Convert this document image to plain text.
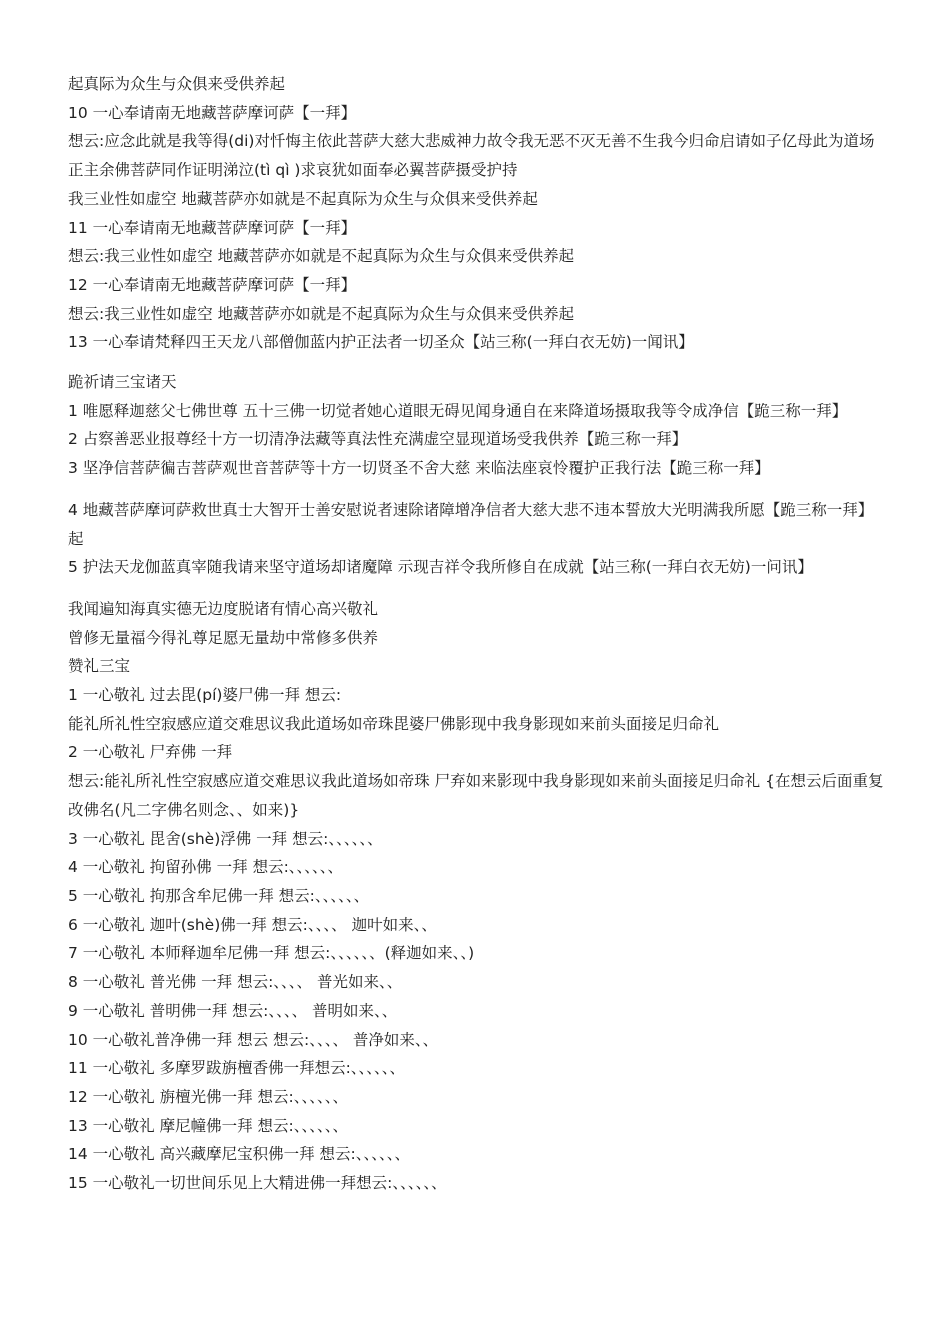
起真际为众生与众俱来受供养起
10 一心奉请南无地藏菩萨摩诃萨【一拜】
想云:应念此就是我等得(di)对忏悔主依此菩萨大慈大悲威神力故令我无恶不灭无善不生我今归命启请如子亿母此为道场正主余佛菩萨同作证明涕泣(tì qì )求哀犹如面奉必翼菩萨摄受护持
我三业性如虚空 地藏菩萨亦如就是不起真际为众生与众俱来受供养起
11 一心奉请南无地藏菩萨摩诃萨【一拜】
想云:我三业性如虚空 地藏菩萨亦如就是不起真际为众生与众俱来受供养起
12 一心奉请南无地藏菩萨摩诃萨【一拜】
想云:我三业性如虚空 地藏菩萨亦如就是不起真际为众生与众俱来受供养起
13 一心奉请梵释四王天龙八部僧伽蓝内护正法者一切圣众【站三称(一拜白衣无妨)一闻讯】
跪祈请三宝诸天
1 唯愿释迦慈父七佛世尊 五十三佛一切觉者她心道眼无碍见闻身通自在来降道场摄取我等令成净信【跪三称一拜】
2 占察善恶业报尊经十方一切清净法藏等真法性充满虚空显现道场受我供养【跪三称一拜】
3 坚净信菩萨徧吉菩萨观世音菩萨等十方一切贤圣不舍大慈 来临法座哀怜覆护正我行法【跪三称一拜】
4 地藏菩萨摩诃萨救世真士大智开士善安慰说者速除诸障增净信者大慈大悲不违本誓放大光明满我所愿【跪三称一拜】起
5 护法天龙伽蓝真宰随我请来坚守道场却诸魔障 示现吉祥令我所修自在成就【站三称(一拜白衣无妨)一问讯】
我闻遍知海真实德无边度脱诸有情心高兴敬礼
曾修无量福今得礼尊足愿无量劫中常修多供养
赞礼三宝
1 一心敬礼 过去毘(pí)婆尸佛一拜 想云:
能礼所礼性空寂感应道交难思议我此道场如帝珠毘婆尸佛影现中我身影现如来前头面接足归命礼
2 一心敬礼 尸弃佛 一拜
想云:能礼所礼性空寂感应道交难思议我此道场如帝珠 尸弃如来影现中我身影现如来前头面接足归命礼 {在想云后面重复改佛名(凡二字佛名则念、、如来)}
3 一心敬礼 毘舍(shè)浮佛 一拜 想云:、、、、、、
4 一心敬礼 拘留孙佛 一拜 想云:、、、、、、
5 一心敬礼 拘那含牟尼佛一拜 想云:、、、、、、
6 一心敬礼 迦叶(shè)佛一拜 想云:、、、、 迦叶如来、、
7 一心敬礼 本师释迦牟尼佛一拜 想云:、、、、、、(释迦如来、、)
8 一心敬礼 普光佛 一拜 想云:、、、、 普光如来、、
9 一心敬礼 普明佛一拜 想云:、、、、 普明如来、、
10 一心敬礼普净佛一拜 想云 想云:、、、、 普净如来、、
11 一心敬礼 多摩罗跋旃檀香佛一拜想云:、、、、、、
12 一心敬礼 旃檀光佛一拜 想云:、、、、、、
13 一心敬礼 摩尼幢佛一拜 想云:、、、、、、
14 一心敬礼 高兴藏摩尼宝积佛一拜 想云:、、、、、、
15 一心敬礼一切世间乐见上大精进佛一拜想云:、、、、、、
